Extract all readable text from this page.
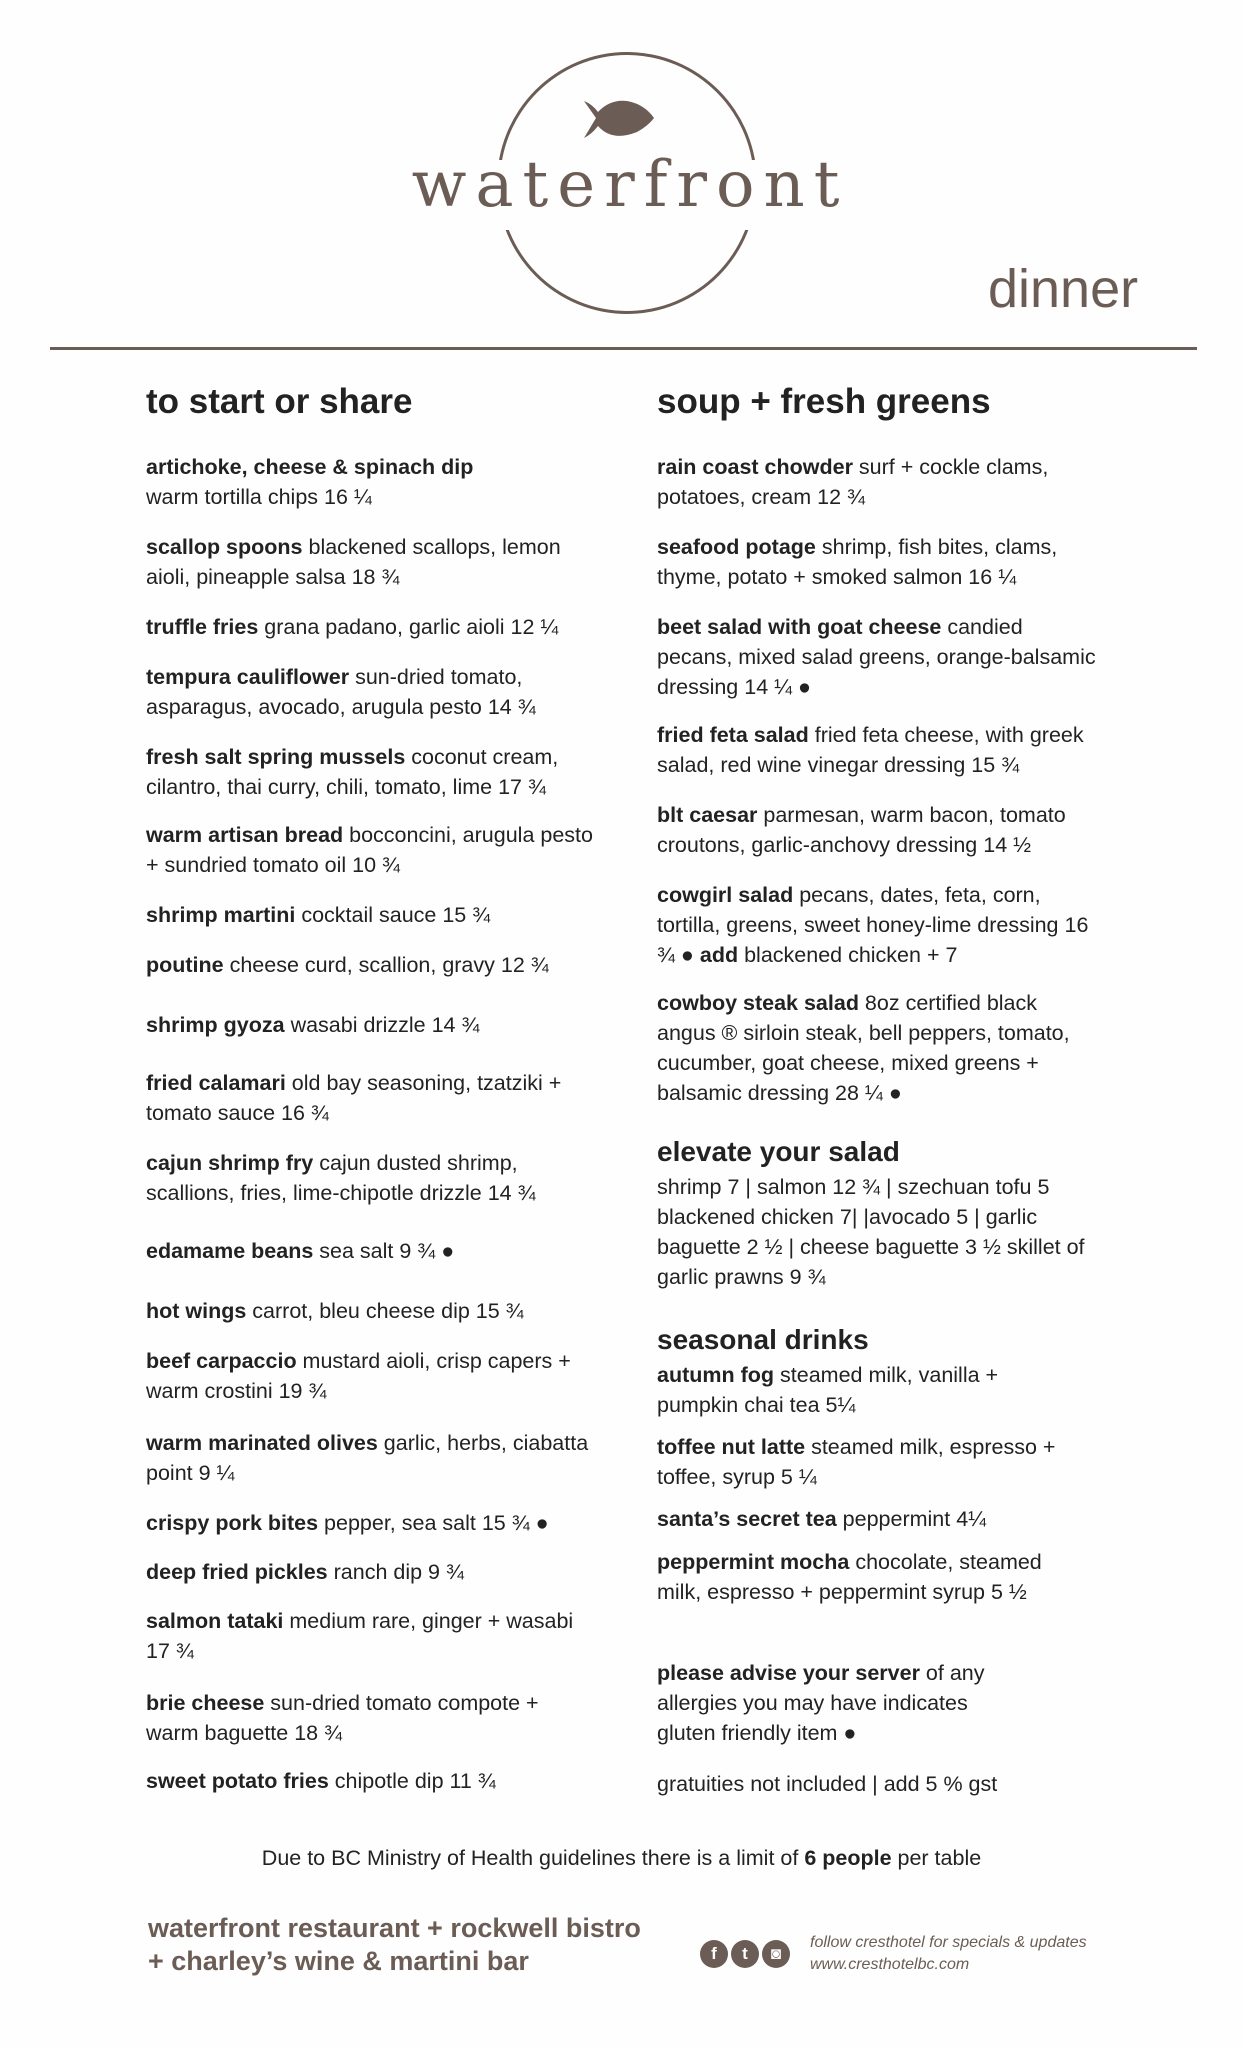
waterfront
dinner
to start or share
artichoke, cheese & spinach dip
warm tortilla chips 16 ¼
scallop spoons blackened scallops, lemon aioli, pineapple salsa 18 ¾
truffle fries grana padano, garlic aioli 12 ¼
tempura cauliflower sun-dried tomato, asparagus, avocado, arugula pesto 14 ¾
fresh salt spring mussels coconut cream, cilantro, thai curry, chili, tomato, lime 17 ¾
warm artisan bread bocconcini, arugula pesto + sundried tomato oil 10 ¾
shrimp martini cocktail sauce 15 ¾
poutine cheese curd, scallion, gravy 12 ¾
shrimp gyoza wasabi drizzle 14 ¾
fried calamari old bay seasoning, tzatziki + tomato sauce 16 ¾
cajun shrimp fry cajun dusted shrimp, scallions, fries, lime-chipotle drizzle 14 ¾
edamame beans sea salt 9 ¾ ●
hot wings carrot, bleu cheese dip 15 ¾
beef carpaccio mustard aioli, crisp capers + warm crostini 19 ¾
warm marinated olives garlic, herbs, ciabatta point 9 ¼
crispy pork bites pepper, sea salt 15 ¾ ●
deep fried pickles ranch dip 9 ¾
salmon tataki medium rare, ginger + wasabi 17 ¾
brie cheese sun-dried tomato compote + warm baguette 18 ¾
sweet potato fries chipotle dip 11 ¾
soup + fresh greens
rain coast chowder surf + cockle clams, potatoes, cream 12 ¾
seafood potage shrimp, fish bites, clams, thyme, potato + smoked salmon 16 ¼
beet salad with goat cheese candied pecans, mixed salad greens, orange-balsamic dressing 14 ¼ ●
fried feta salad fried feta cheese, with greek salad, red wine vinegar dressing 15 ¾
blt caesar parmesan, warm bacon, tomato croutons, garlic-anchovy dressing 14 ½
cowgirl salad pecans, dates, feta, corn, tortilla, greens, sweet honey-lime dressing 16 ¾ ● add blackened chicken + 7
cowboy steak salad 8oz certified black angus ® sirloin steak, bell peppers, tomato, cucumber, goat cheese, mixed greens + balsamic dressing 28 ¼ ●
elevate your salad
shrimp 7 | salmon 12 ¾ | szechuan tofu 5 blackened chicken 7| |avocado 5 | garlic baguette 2 ½ | cheese baguette 3 ½ skillet of garlic prawns 9 ¾
seasonal drinks
autumn fog steamed milk, vanilla + pumpkin chai tea 5¼
toffee nut latte steamed milk, espresso + toffee, syrup 5 ¼
santa’s secret tea peppermint 4¼
peppermint mocha chocolate, steamed milk, espresso + peppermint syrup 5 ½
please advise your server of any allergies you may have indicates gluten friendly item ●
gratuities not included | add 5 % gst
Due to BC Ministry of Health guidelines there is a limit of 6 people per table
waterfront restaurant + rockwell bistro
+ charley’s wine & martini bar	f	t	◙
follow cresthotel for specials & updates
www.cresthotelbc.com
